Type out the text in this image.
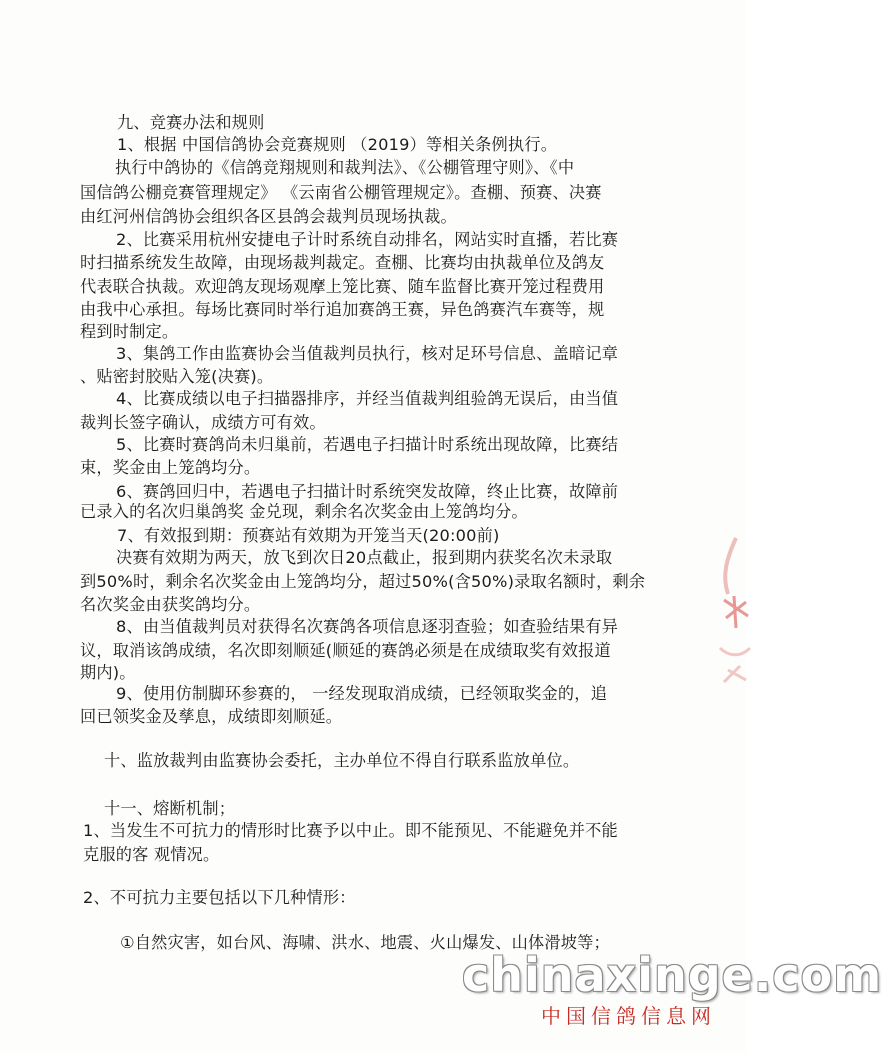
九、竞赛办法和规则
1、根据 中国信鸽协会竞赛规则 （2019）等相关条例执行。
执行中鸽协的《信鸽竞翔规则和裁判法》、《公棚管理守则》、《中
国信鸽公棚竞赛管理规定》 《云南省公棚管理规定》。查棚、预赛、决赛
由红河州信鸽协会组织各区县鸽会裁判员现场执裁。
2、比赛采用杭州安捷电子计时系统自动排名，网站实时直播，若比赛
时扫描系统发生故障，由现场裁判裁定。查棚、比赛均由执裁单位及鸽友
代表联合执裁。欢迎鸽友现场观摩上笼比赛、随车监督比赛开笼过程费用
由我中心承担。每场比赛同时举行追加赛鸽王赛，异色鸽赛汽车赛等，规
程到时制定。
3、集鸽工作由监赛协会当值裁判员执行，核对足环号信息、盖暗记章
、贴密封胶贴入笼(决赛)。
4、比赛成绩以电子扫描器排序，并经当值裁判组验鸽无误后，由当值
裁判长签字确认，成绩方可有效。
5、比赛时赛鸽尚未归巢前，若遇电子扫描计时系统出现故障，比赛结
束，奖金由上笼鸽均分。
6、赛鸽回归中，若遇电子扫描计时系统突发故障，终止比赛，故障前
已录入的名次归巢鸽奖 金兑现，剩余名次奖金由上笼鸽均分。
7、有效报到期：预赛站有效期为开笼当天(20:00前)
决赛有效期为两天，放飞到次日20点截止，报到期内获奖名次未录取
到50%时，剩余名次奖金由上笼鸽均分，超过50%(含50%)录取名额时，剩余
名次奖金由获奖鸽均分。
8、由当值裁判员对获得名次赛鸽各项信息逐羽查验；如查验结果有异
议，取消该鸽成绩，名次即刻顺延(顺延的赛鸽必须是在成绩取奖有效报道
期内)。
9、使用仿制脚环参赛的， 一经发现取消成绩，已经领取奖金的，追
回已领奖金及孳息，成绩即刻顺延。
十、监放裁判由监赛协会委托，主办单位不得自行联系监放单位。
十一、熔断机制；
1、当发生不可抗力的情形时比赛予以中止。即不能预见、不能避免并不能
克服的客 观情况。
2、不可抗力主要包括以下几种情形：
①自然灾害，如台风、海啸、洪水、地震、火山爆发、山体滑坡等；
chinaxinge.com
中国信鸽信息网
